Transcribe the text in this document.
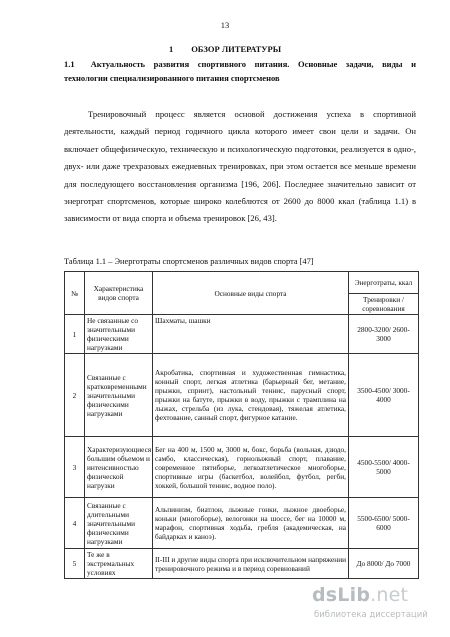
13
1 ОБЗОР ЛИТЕРАТУРЫ
1.1 Актуальность развития спортивного питания. Основные задачи, виды и технологии специализированного питания спортсменов
Тренировочный процесс является основой достижения успеха в спортивной деятельности, каждый период годичного цикла которого имеет свои цели и задачи. Он включает общефизическую, техническую и психологическую подготовки, реализуется в одно-, двух- или даже трехразовых ежедневных тренировках, при этом остается все меньше времени для последующего восстановления организма [196, 206]. Последнее значительно зависит от энерготрат спортсменов, которые широко колеблются от 2600 до 8000 ккал (таблица 1.1) в зависимости от вида спорта и объема тренировок [26, 43].
Таблица 1.1 – Энерготраты спортсменов различных видов спорта [47]
№	Характеристика видов спорта	Основные виды спорта	Энерготраты, ккал
			Тренировки / соревнования
1	Не связанные со значительными физическими нагрузками	Шахматы, шашки	2800-3200/ 2600-3000
2	Связанные с кратковременными значительными физическими нагрузками	Акробатика, спортивная и художественная гимнастика, конный спорт, легкая атлетика (барьерный бег, метание, прыжки, спринт), настольный теннис, парусный спорт, прыжки на батуте, прыжки в воду, прыжки с трамплина на лыжах, стрельба (из лука, стендовая), тяжелая атлетика, фехтование, санный спорт, фигурное катание.	3500-4500/ 3000-4000
3	Характеризующиеся большим объемом и интенсивностью физической нагрузки	Бег на 400 м, 1500 м, 3000 м, бокс, борьба (вольная, дзюдо, самбо, классическая), горнолыжный спорт, плавание, современное пятиборье, легкоатлетическое многоборье, спортивные игры (баскетбол, волейбол, футбол, регби, хоккей, большой теннис, водное поло).	4500-5500/ 4000-5000
4	Связанные с длительными значительными физическими нагрузками	Альпинизм, биатлон, лыжные гонки, лыжное двоеборье, коньки (многоборье), велогонки на шоссе, бег на 10000 м, марафон, спортивная ходьба, гребля (академическая, на байдарках и каноэ).	5500-6500/ 5000-6000
5	Те же в экстремальных условиях	II-III и другие виды спорта при исключительном напряжении тренировочного режима и в период соревнований	До 8000/ До 7000
dsLib.net
библиотека диссертаций
